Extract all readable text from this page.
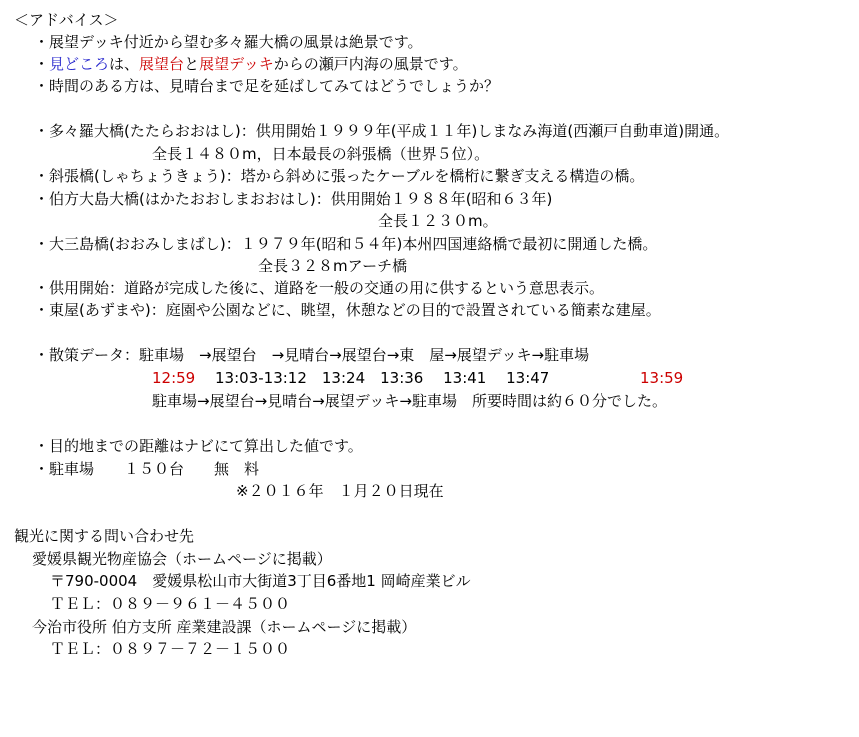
＜アドバイス＞
・展望デッキ付近から望む多々羅大橋の風景は絶景です。
・見どころは、展望台と展望デッキからの瀬戸内海の風景です。
・時間のある方は、見晴台まで足を延ばしてみてはどうでしょうか？
・多々羅大橋(たたらおおはし)：供用開始１９９９年(平成１１年)しまなみ海道(西瀬戸自動車道)開通。
全長１４８０m，日本最長の斜張橋（世界５位）。
・斜張橋(しゃちょうきょう)：塔から斜めに張ったケーブルを橋桁に繋ぎ支える構造の橋。
・伯方大島大橋(はかたおおしまおおはし)：供用開始１９８８年(昭和６３年)
全長１２３０m。
・大三島橋(おおみしまばし)：１９７９年(昭和５４年)本州四国連絡橋で最初に開通した橋。
全長３２８mアーチ橋
・供用開始：道路が完成した後に、道路を一般の交通の用に供するという意思表示。
・東屋(あずまや)：庭園や公園などに、眺望，休憩などの目的で設置されている簡素な建屋。
・散策データ：駐車場　→展望台　→見晴台→展望台→東　屋→展望デッキ→駐車場
12:59　 13:03-13:12　13:24　13:36　 13:41　 13:47	13:59
駐車場→展望台→見晴台→展望デッキ→駐車場　所要時間は約６０分でした。
・目的地までの距離はナビにて算出した値です。
・駐車場　　１５０台　　無　料
※２０１６年　１月２０日現在
観光に関する問い合わせ先
愛媛県観光物産協会（ホームページに掲載）
〒790-0004　愛媛県松山市大街道3丁目6番地1 岡崎産業ビル
ＴＥＬ：０８９－９６１－４５００
今治市役所 伯方支所 産業建設課（ホームページに掲載）
ＴＥＬ：０８９７－７２－１５００
